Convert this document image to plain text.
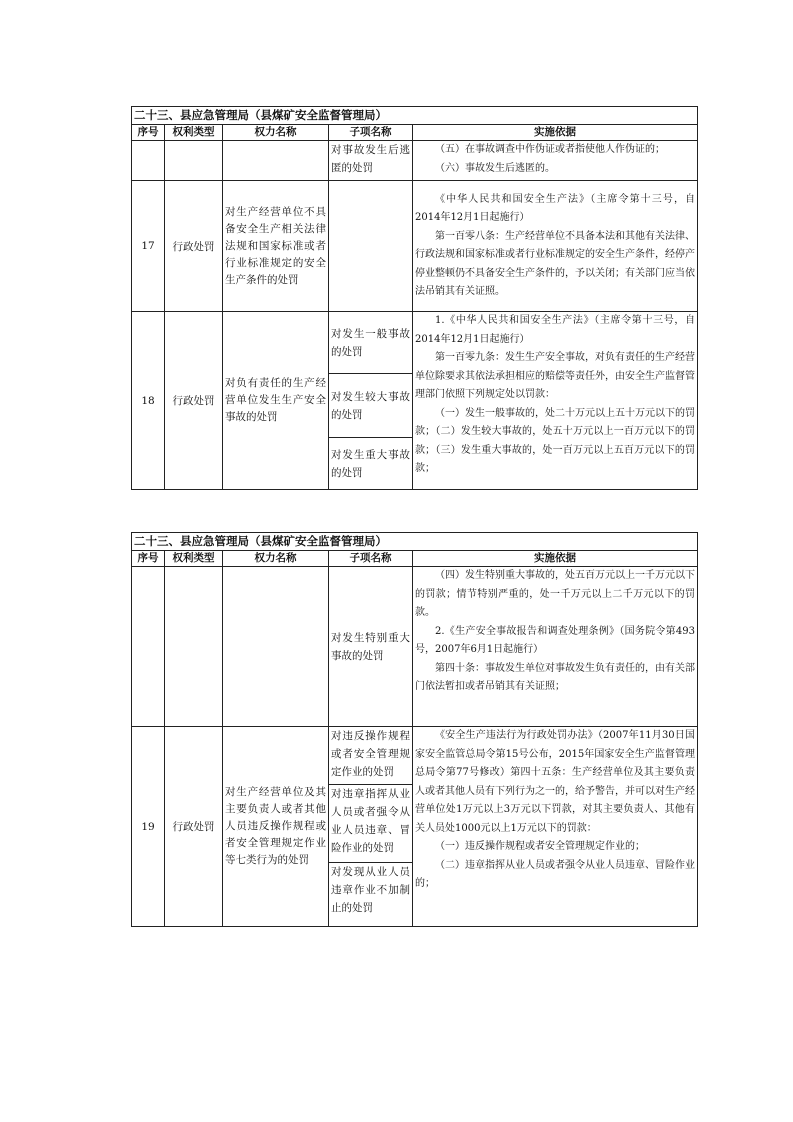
二十三、县应急管理局（县煤矿安全监督管理局）				
序号	权利类型	权力名称	子项名称	实施依据
			对事故发生后逃匿的处罚	（五）在事故调查中作伪证或者指使他人作伪证的；

（六）事故发生后逃匿的。

17	行政处罚	对生产经营单位不具备安全生产相关法律法规和国家标准或者行业标准规定的安全生产条件的处罚		《中华人民共和国安全生产法》（主席令第十三号，自2014年12月1日起施行）

第一百零八条：生产经营单位不具备本法和其他有关法律、行政法规和国家标准或者行业标准规定的安全生产条件，经停产停业整顿仍不具备安全生产条件的，予以关闭；有关部门应当依法吊销其有关证照。

18	行政处罚	对负有责任的生产经营单位发生生产安全事故的处罚	对发生一般事故的处罚	1.《中华人民共和国安全生产法》（主席令第十三号，自2014年12月1日起施行）

第一百零九条：发生生产安全事故，对负有责任的生产经营单位除要求其依法承担相应的赔偿等责任外，由安全生产监督管理部门依照下列规定处以罚款：

（一）发生一般事故的，处二十万元以上五十万元以下的罚款；（二）发生较大事故的，处五十万元以上一百万元以下的罚款；（三）发生重大事故的，处一百万元以上五百万元以下的罚款；

			对发生较大事故的处罚	
			对发生重大事故的处罚	
二十三、县应急管理局（县煤矿安全监督管理局）				
序号	权利类型	权力名称	子项名称	实施依据
			对发生特别重大事故的处罚	（四）发生特别重大事故的，处五百万元以上一千万元以下的罚款；情节特别严重的，处一千万元以上二千万元以下的罚款。

2.《生产安全事故报告和调查处理条例》（国务院令第493号，2007年6月1日起施行）

第四十条：事故发生单位对事故发生负有责任的，由有关部门依法暂扣或者吊销其有关证照；

19	行政处罚	对生产经营单位及其主要负责人或者其他人员违反操作规程或者安全管理规定作业等七类行为的处罚	对违反操作规程或者安全管理规定作业的处罚	《安全生产违法行为行政处罚办法》（2007年11月30日国家安全监管总局令第15号公布，2015年国家安全生产监督管理总局令第77号修改）第四十五条：生产经营单位及其主要负责人或者其他人员有下列行为之一的，给予警告，并可以对生产经营单位处1万元以上3万元以下罚款，对其主要负责人、其他有关人员处1000元以上1万元以下的罚款：

（一）违反操作规程或者安全管理规定作业的；

（二）违章指挥从业人员或者强令从业人员违章、冒险作业的；

			对违章指挥从业人员或者强令从业人员违章、冒险作业的处罚	
			对发现从业人员违章作业不加制止的处罚	
